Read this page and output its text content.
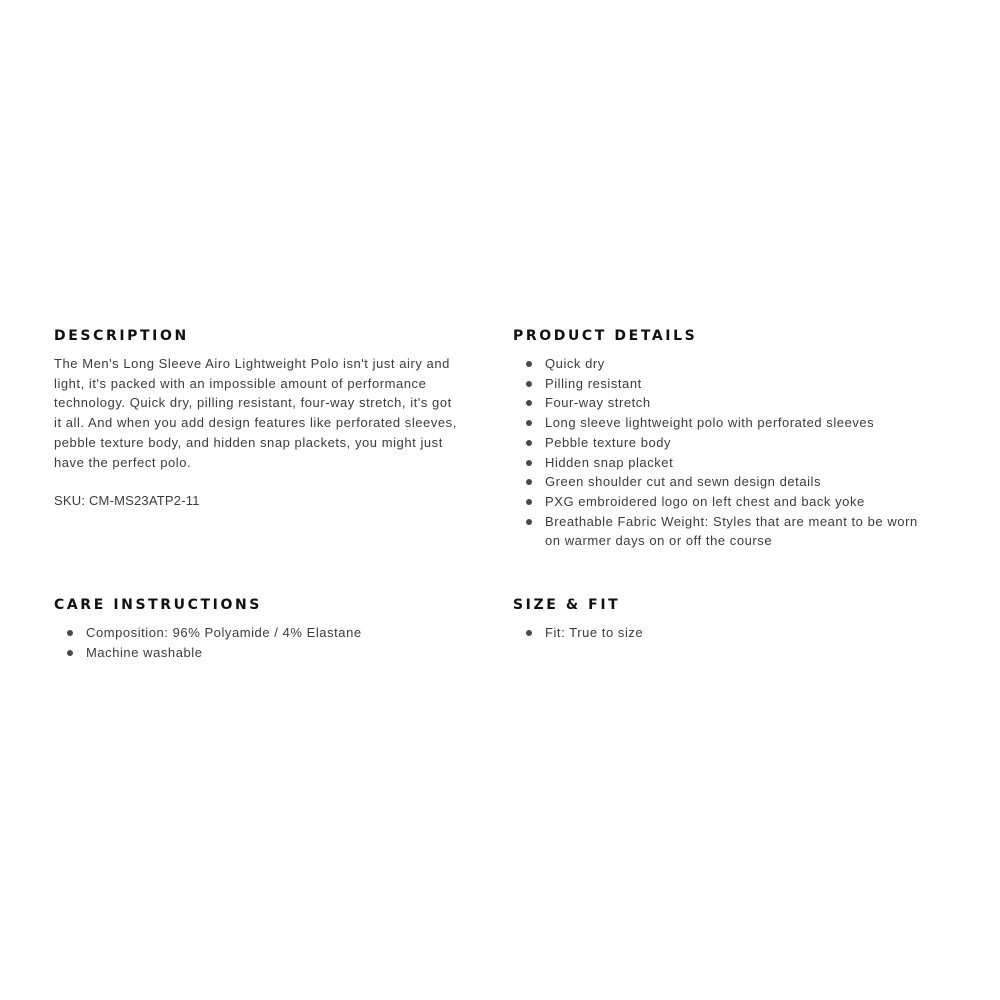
DESCRIPTION

The Men's Long Sleeve Airo Lightweight Polo isn't just airy and
light, it's packed with an impossible amount of performance
technology. Quick dry, pilling resistant, four-way stretch, it's got
it all. And when you add design features like perforated sleeves,
pebble texture body, and hidden snap plackets, you might just
have the perfect polo.

SKU: CM-MS23ATP2-11

PRODUCT DETAILS
Quick dry
Pilling resistant
Four-way stretch
Long sleeve lightweight polo with perforated sleeves
Pebble texture body
Hidden snap placket
Green shoulder cut and sewn design details
PXG embroidered logo on left chest and back yoke
Breathable Fabric Weight: Styles that are meant to be worn
on warmer days on or off the course
CARE INSTRUCTIONS
Composition: 96% Polyamide / 4% Elastane
Machine washable
SIZE & FIT
Fit: True to size
